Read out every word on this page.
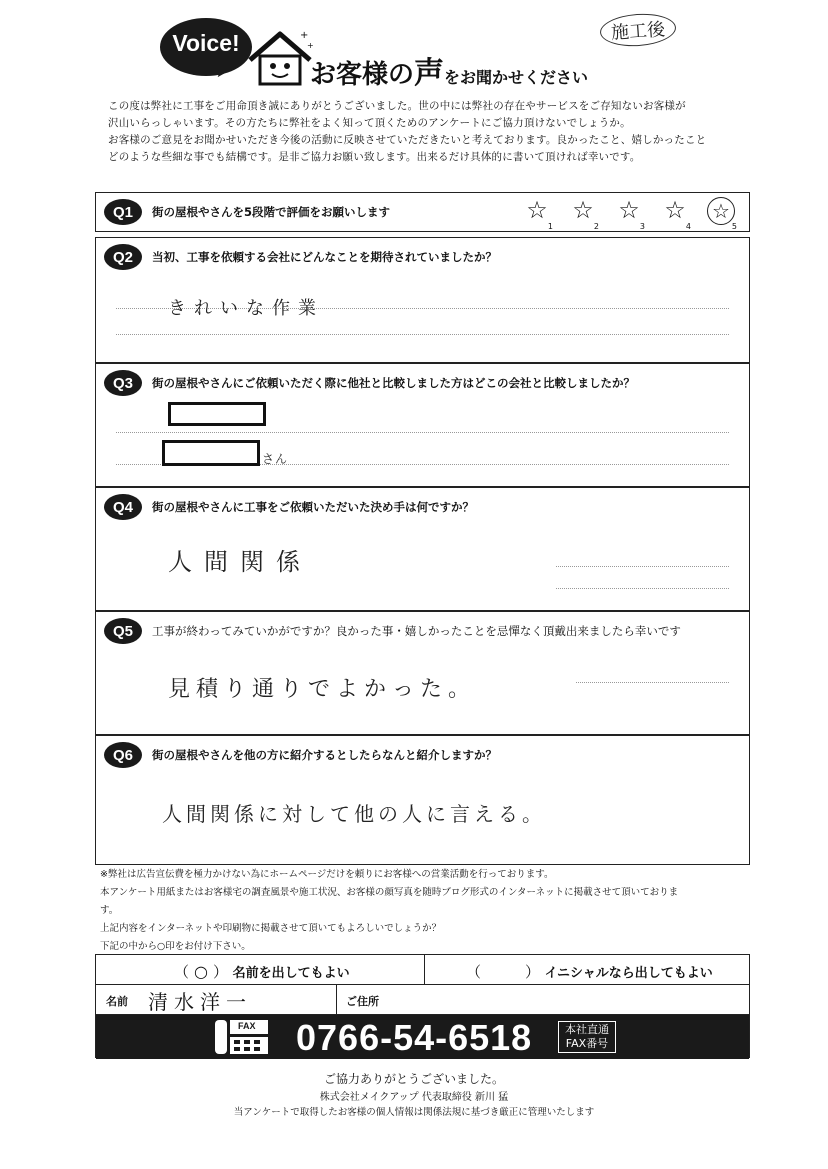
Voice!	+
+
お客様の声をお聞かせください
施工後
この度は弊社に工事をご用命頂き誠にありがとうございました。世の中には弊社の存在やサービスをご存知ないお客様が
沢山いらっしゃいます。その方たちに弊社をよく知って頂くためのアンケートにご協力頂けないでしょうか。
お客様のご意見をお聞かせいただき今後の活動に反映させていただきたいと考えております。良かったこと、嬉しかったこと
どのような些細な事でも結構です。是非ご協力お願い致します。出来るだけ具体的に書いて頂ければ幸いです。
Q1	街の屋根やさんを5段階で評価をお願いします	☆
1
☆
2
☆
3
☆
4
☆
5
Q2	当初、工事を依頼する会社にどんなことを期待されていましたか？
きれいな作業
Q3	街の屋根やさんにご依頼いただく際に他社と比較しました方はどこの会社と比較しましたか？
さん
Q4	街の屋根やさんに工事をご依頼いただいた決め手は何ですか？
人間関係
Q5	工事が終わってみていかがですか？良かった事・嬉しかったことを忌憚なく頂戴出来ましたら幸いです
見積り通りでよかった。
Q6	街の屋根やさんを他の方に紹介するとしたらなんと紹介しますか？
人間関係に対して他の人に言える。
※弊社は広告宣伝費を極力かけない為にホームページだけを頼りにお客様への営業活動を行っております。
本アンケート用紙またはお客様宅の調査風景や施工状況、お客様の顔写真を随時ブログ形式のインターネットに掲載させて頂いておりま
す。
上記内容をインターネットや印刷物に掲載させて頂いてもよろしいでしょうか？
下記の中から○印をお付け下さい。
（ ○ ） 名前を出してもよい	（	） イニシャルなら出してもよい
名前 清水洋一	ご住所
FAX 0766-54-6518	本社直通
FAX番号
ご協力ありがとうございました。
株式会社メイクアップ 代表取締役 新川 猛
当アンケートで取得したお客様の個人情報は関係法規に基づき厳正に管理いたします
